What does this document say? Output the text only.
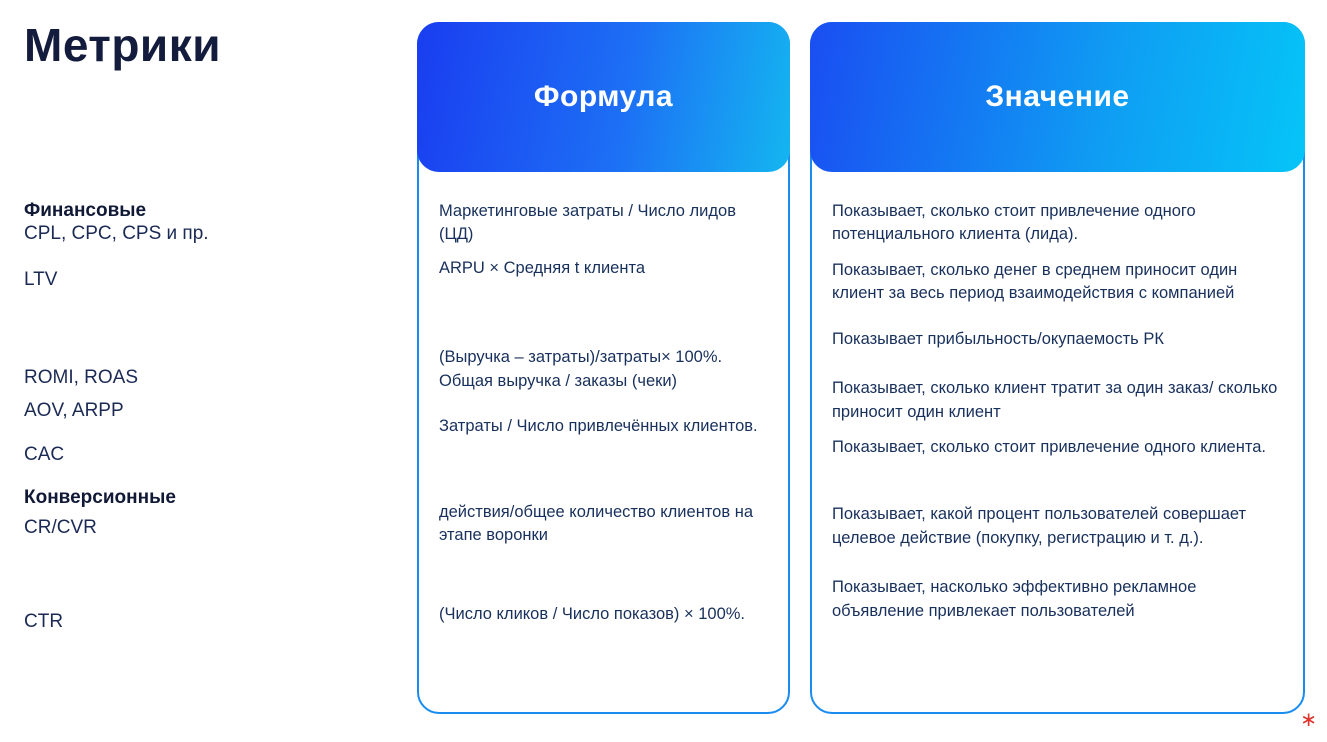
Метрики
Финансовые
CPL, CPC, CPS и пр.
LTV
ROMI, ROAS
AOV, ARPP
CAC
Конверсионные
CR/CVR
CTR
Формула
Маркетинговые затраты / Число лидов (ЦД)
ARPU × Средняя t клиента
(Выручка – затраты)/затраты× 100%.
Общая выручка / заказы (чеки)
Затраты / Число привлечённых клиентов.
действия/общее количество клиентов на этапе воронки
(Число кликов / Число показов) × 100%.
Значение
Показывает, сколько стоит привлечение одного потенциального клиента (лида).
Показывает, сколько денег в среднем приносит один клиент за весь период взаимодействия с компанией
Показывает прибыльность/окупаемость РК
Показывает, сколько клиент тратит за один заказ/ сколько приносит один клиент
Показывает, сколько стоит привлечение одного клиента.
Показывает, какой процент пользователей совершает целевое действие (покупку, регистрацию и т. д.).
Показывает, насколько эффективно рекламное объявление привлекает пользователей
∗
